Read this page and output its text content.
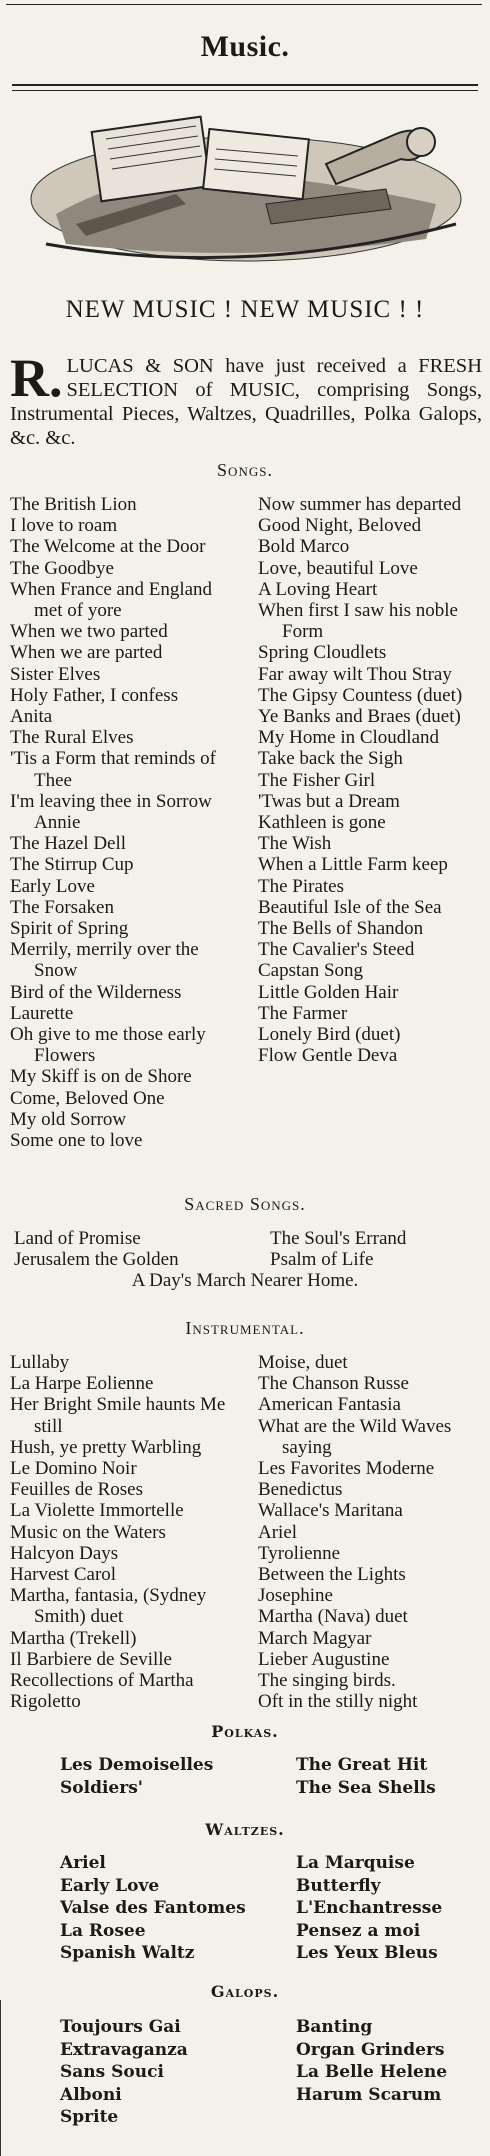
Music.
NEW MUSIC ! NEW MUSIC ! !
R. LUCAS & SON have just received a FRESH SELECTION of MUSIC, comprising Songs, Instrumental Pieces, Waltzes, Quadrilles, Polka Galops, &c. &c.
Songs.
The British Lion
I love to roam
The Welcome at the Door
The Goodbye
When France and England met of yore
When we two parted
When we are parted
Sister Elves
Holy Father, I confess
Anita
The Rural Elves
'Tis a Form that reminds of Thee
I'm leaving thee in Sorrow Annie
The Hazel Dell
The Stirrup Cup
Early Love
The Forsaken
Spirit of Spring
Merrily, merrily over the Snow
Bird of the Wilderness
Laurette
Oh give to me those early Flowers
My Skiff is on de Shore
Come, Beloved One
My old Sorrow
Some one to love
Now summer has departed
Good Night, Beloved
Bold Marco
Love, beautiful Love
A Loving Heart
When first I saw his noble Form
Spring Cloudlets
Far away wilt Thou Stray
The Gipsy Countess (duet)
Ye Banks and Braes (duet)
My Home in Cloudland
Take back the Sigh
The Fisher Girl
'Twas but a Dream
Kathleen is gone
The Wish
When a Little Farm keep
The Pirates
Beautiful Isle of the Sea
The Bells of Shandon
The Cavalier's Steed
Capstan Song
Little Golden Hair
The Farmer
Lonely Bird (duet)
Flow Gentle Deva
Sacred Songs.
Land of Promise	The Soul's Errand
Jerusalem the Golden	Psalm of Life
A Day's March Nearer Home.
Instrumental.
Lullaby
La Harpe Eolienne
Her Bright Smile haunts Me still
Hush, ye pretty Warbling
Le Domino Noir
Feuilles de Roses
La Violette Immortelle
Music on the Waters
Halcyon Days
Harvest Carol
Martha, fantasia, (Sydney Smith) duet
Martha (Trekell)
Il Barbiere de Seville
Recollections of Martha
Rigoletto
Moise, duet
The Chanson Russe
American Fantasia
What are the Wild Waves saying
Les Favorites Moderne
Benedictus
Wallace's Maritana
Ariel
Tyrolienne
Between the Lights
Josephine
Martha (Nava) duet
March Magyar
Lieber Augustine
The singing birds.
Oft in the stilly night
Polkas.
Les Demoiselles
Soldiers'
The Great Hit
The Sea Shells
Waltzes.
Ariel
Early Love
Valse des Fantomes
La Rosee
Spanish Waltz
La Marquise
Butterfly
L'Enchantresse
Pensez a moi
Les Yeux Bleus
Galops.
Toujours Gai
Extravaganza
Sans Souci
Alboni
Sprite
Banting
Organ Grinders
La Belle Helene
Harum Scarum
